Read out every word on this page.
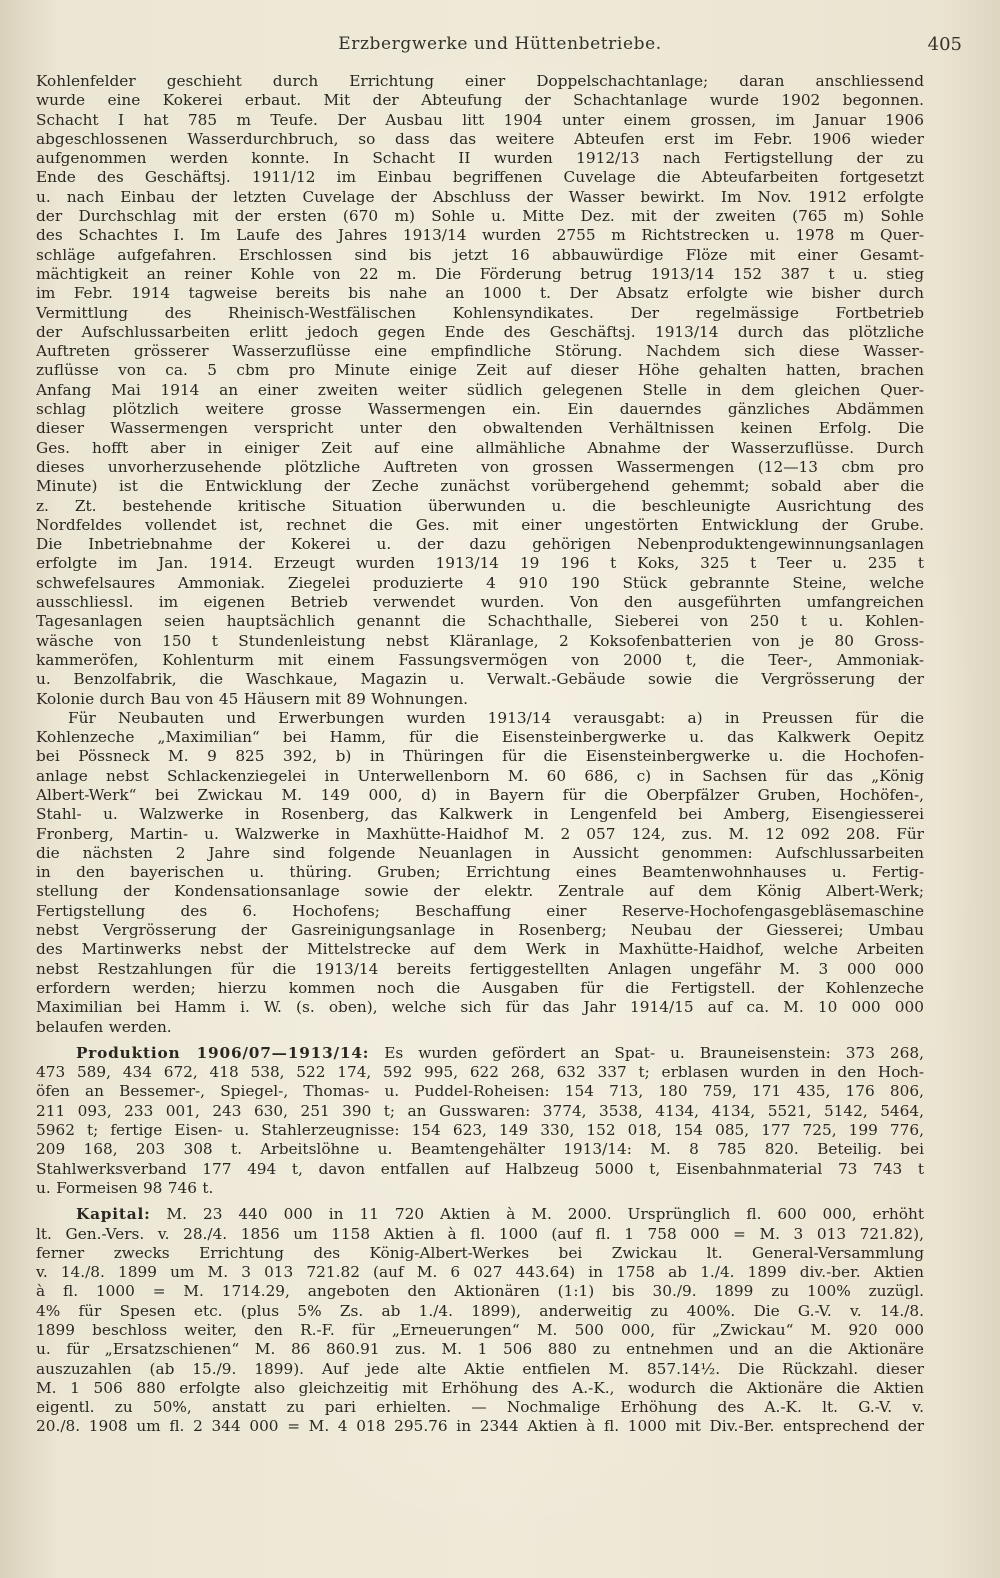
Erzbergwerke und Hüttenbetriebe.	405
Kohlenfelder geschieht durch Errichtung einer Doppelschachtanlage; daran anschliessend
wurde eine Kokerei erbaut. Mit der Abteufung der Schachtanlage wurde 1902 begonnen.
Schacht I hat 785 m Teufe. Der Ausbau litt 1904 unter einem grossen, im Januar 1906
abgeschlossenen Wasserdurchbruch, so dass das weitere Abteufen erst im Febr. 1906 wieder
aufgenommen werden konnte. In Schacht II wurden 1912/13 nach Fertigstellung der zu
Ende des Geschäftsj. 1911/12 im Einbau begriffenen Cuvelage die Abteufarbeiten fortgesetzt
u. nach Einbau der letzten Cuvelage der Abschluss der Wasser bewirkt. Im Nov. 1912 erfolgte
der Durchschlag mit der ersten (670 m) Sohle u. Mitte Dez. mit der zweiten (765 m) Sohle
des Schachtes I. Im Laufe des Jahres 1913/14 wurden 2755 m Richtstrecken u. 1978 m Quer-
schläge aufgefahren. Erschlossen sind bis jetzt 16 abbauwürdige Flöze mit einer Gesamt-
mächtigkeit an reiner Kohle von 22 m. Die Förderung betrug 1913/14 152 387 t u. stieg
im Febr. 1914 tagweise bereits bis nahe an 1000 t. Der Absatz erfolgte wie bisher durch
Vermittlung des Rheinisch-Westfälischen Kohlensyndikates. Der regelmässige Fortbetrieb
der Aufschlussarbeiten erlitt jedoch gegen Ende des Geschäftsj. 1913/14 durch das plötzliche
Auftreten grösserer Wasserzuflüsse eine empfindliche Störung. Nachdem sich diese Wasser-
zuflüsse von ca. 5 cbm pro Minute einige Zeit auf dieser Höhe gehalten hatten, brachen
Anfang Mai 1914 an einer zweiten weiter südlich gelegenen Stelle in dem gleichen Quer-
schlag plötzlich weitere grosse Wassermengen ein. Ein dauerndes gänzliches Abdämmen
dieser Wassermengen verspricht unter den obwaltenden Verhältnissen keinen Erfolg. Die
Ges. hofft aber in einiger Zeit auf eine allmähliche Abnahme der Wasserzuflüsse. Durch
dieses unvorherzusehende plötzliche Auftreten von grossen Wassermengen (12—13 cbm pro
Minute) ist die Entwicklung der Zeche zunächst vorübergehend gehemmt; sobald aber die
z. Zt. bestehende kritische Situation überwunden u. die beschleunigte Ausrichtung des
Nordfeldes vollendet ist, rechnet die Ges. mit einer ungestörten Entwicklung der Grube.
Die Inbetriebnahme der Kokerei u. der dazu gehörigen Nebenproduktengewinnungsanlagen
erfolgte im Jan. 1914. Erzeugt wurden 1913/14 19 196 t Koks, 325 t Teer u. 235 t
schwefelsaures Ammoniak. Ziegelei produzierte 4 910 190 Stück gebrannte Steine, welche
ausschliessl. im eigenen Betrieb verwendet wurden. Von den ausgeführten umfangreichen
Tagesanlagen seien hauptsächlich genannt die Schachthalle, Sieberei von 250 t u. Kohlen-
wäsche von 150 t Stundenleistung nebst Kläranlage, 2 Koksofenbatterien von je 80 Gross-
kammeröfen, Kohlenturm mit einem Fassungsvermögen von 2000 t, die Teer-, Ammoniak-
u. Benzolfabrik, die Waschkaue, Magazin u. Verwalt.-Gebäude sowie die Vergrösserung der
Kolonie durch Bau von 45 Häusern mit 89 Wohnungen.
Für Neubauten und Erwerbungen wurden 1913/14 verausgabt: a) in Preussen für die
Kohlenzeche „Maximilian“ bei Hamm, für die Eisensteinbergwerke u. das Kalkwerk Oepitz
bei Pössneck M. 9 825 392, b) in Thüringen für die Eisensteinbergwerke u. die Hochofen-
anlage nebst Schlackenziegelei in Unterwellenborn M. 60 686, c) in Sachsen für das „König
Albert-Werk“ bei Zwickau M. 149 000, d) in Bayern für die Oberpfälzer Gruben, Hochöfen-,
Stahl- u. Walzwerke in Rosenberg, das Kalkwerk in Lengenfeld bei Amberg, Eisengiesserei
Fronberg, Martin- u. Walzwerke in Maxhütte-Haidhof M. 2 057 124, zus. M. 12 092 208. Für
die nächsten 2 Jahre sind folgende Neuanlagen in Aussicht genommen: Aufschlussarbeiten
in den bayerischen u. thüring. Gruben; Errichtung eines Beamtenwohnhauses u. Fertig-
stellung der Kondensationsanlage sowie der elektr. Zentrale auf dem König Albert-Werk;
Fertigstellung des 6. Hochofens; Beschaffung einer Reserve-Hochofengasgebläsemaschine
nebst Vergrösserung der Gasreinigungsanlage in Rosenberg; Neubau der Giesserei; Umbau
des Martinwerks nebst der Mittelstrecke auf dem Werk in Maxhütte-Haidhof, welche Arbeiten
nebst Restzahlungen für die 1913/14 bereits fertiggestellten Anlagen ungefähr M. 3 000 000
erfordern werden; hierzu kommen noch die Ausgaben für die Fertigstell. der Kohlenzeche
Maximilian bei Hamm i. W. (s. oben), welche sich für das Jahr 1914/15 auf ca. M. 10 000 000
belaufen werden.
Produktion 1906/07—1913/14: Es wurden gefördert an Spat- u. Brauneisenstein: 373 268,
473 589, 434 672, 418 538, 522 174, 592 995, 622 268, 632 337 t; erblasen wurden in den Hoch-
öfen an Bessemer-, Spiegel-, Thomas- u. Puddel-Roheisen: 154 713, 180 759, 171 435, 176 806,
211 093, 233 001, 243 630, 251 390 t; an Gusswaren: 3774, 3538, 4134, 4134, 5521, 5142, 5464,
5962 t; fertige Eisen- u. Stahlerzeugnisse: 154 623, 149 330, 152 018, 154 085, 177 725, 199 776,
209 168, 203 308 t. Arbeitslöhne u. Beamtengehälter 1913/14: M. 8 785 820. Beteilig. bei
Stahlwerksverband 177 494 t, davon entfallen auf Halbzeug 5000 t, Eisenbahnmaterial 73 743 t
u. Formeisen 98 746 t.
Kapital: M. 23 440 000 in 11 720 Aktien à M. 2000. Ursprünglich fl. 600 000, erhöht
lt. Gen.-Vers. v. 28./4. 1856 um 1158 Aktien à fl. 1000 (auf fl. 1 758 000 = M. 3 013 721.82),
ferner zwecks Errichtung des König-Albert-Werkes bei Zwickau lt. General-Versammlung
v. 14./8. 1899 um M. 3 013 721.82 (auf M. 6 027 443.64) in 1758 ab 1./4. 1899 div.-ber. Aktien
à fl. 1000 = M. 1714.29, angeboten den Aktionären (1:1) bis 30./9. 1899 zu 100% zuzügl.
4% für Spesen etc. (plus 5% Zs. ab 1./4. 1899), anderweitig zu 400%. Die G.-V. v. 14./8.
1899 beschloss weiter, den R.-F. für „Erneuerungen“ M. 500 000, für „Zwickau“ M. 920 000
u. für „Ersatzschienen“ M. 86 860.91 zus. M. 1 506 880 zu entnehmen und an die Aktionäre
auszuzahlen (ab 15./9. 1899). Auf jede alte Aktie entfielen M. 857.14½. Die Rückzahl. dieser
M. 1 506 880 erfolgte also gleichzeitig mit Erhöhung des A.-K., wodurch die Aktionäre die Aktien
eigentl. zu 50%, anstatt zu pari erhielten. — Nochmalige Erhöhung des A.-K. lt. G.-V. v.
20./8. 1908 um fl. 2 344 000 = M. 4 018 295.76 in 2344 Aktien à fl. 1000 mit Div.-Ber. entsprechend der
